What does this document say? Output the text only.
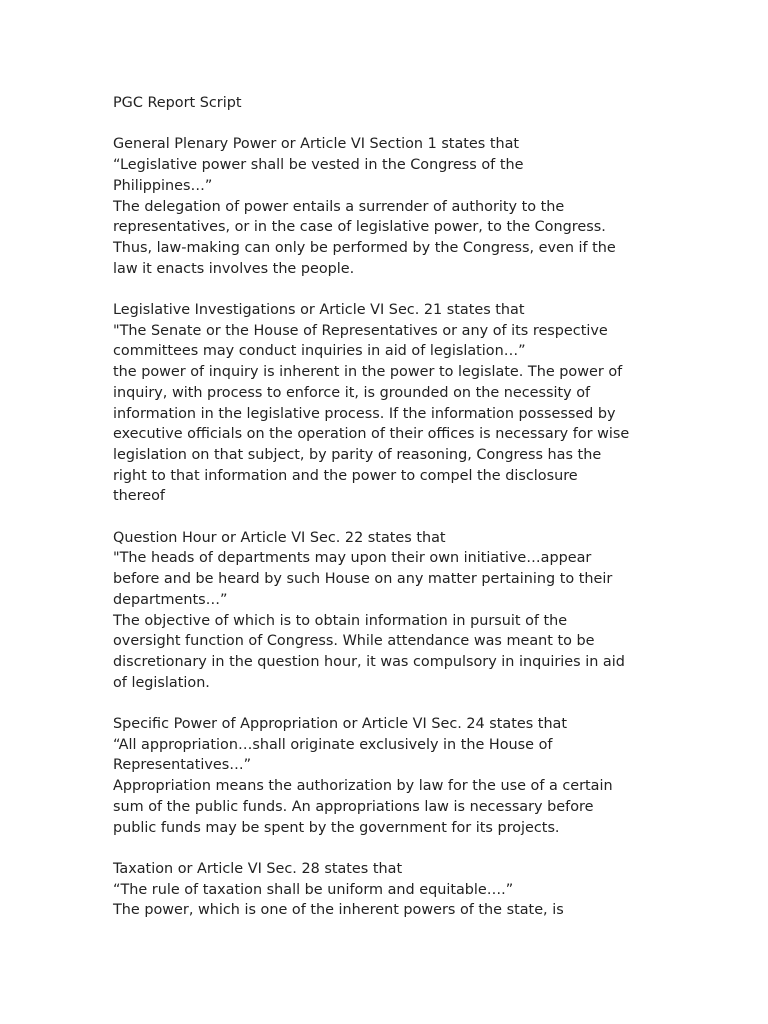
PGC Report Script
General Plenary Power or Article VI Section 1 states that
“Legislative power shall be vested in the Congress of the
Philippines…”
The delegation of power entails a surrender of authority to the
representatives, or in the case of legislative power, to the Congress.
Thus, law-making can only be performed by the Congress, even if the
law it enacts involves the people.
Legislative Investigations or Article VI Sec. 21 states that
"The Senate or the House of Representatives or any of its respective
committees may conduct inquiries in aid of legislation…”
the power of inquiry is inherent in the power to legislate. The power of
inquiry, with process to enforce it, is grounded on the necessity of
information in the legislative process. If the information possessed by
executive officials on the operation of their offices is necessary for wise
legislation on that subject, by parity of reasoning, Congress has the
right to that information and the power to compel the disclosure
thereof
Question Hour or Article VI Sec. 22 states that
"The heads of departments may upon their own initiative…appear
before and be heard by such House on any matter pertaining to their
departments…”
The objective of which is to obtain information in pursuit of the
oversight function of Congress. While attendance was meant to be
discretionary in the question hour, it was compulsory in inquiries in aid
of legislation.
Specific Power of Appropriation or Article VI Sec. 24 states that
“All appropriation…shall originate exclusively in the House of
Representatives…”
Appropriation means the authorization by law for the use of a certain
sum of the public funds. An appropriations law is necessary before
public funds may be spent by the government for its projects.
Taxation or Article VI Sec. 28 states that
“The rule of taxation shall be uniform and equitable….”
The power, which is one of the inherent powers of the state, is
